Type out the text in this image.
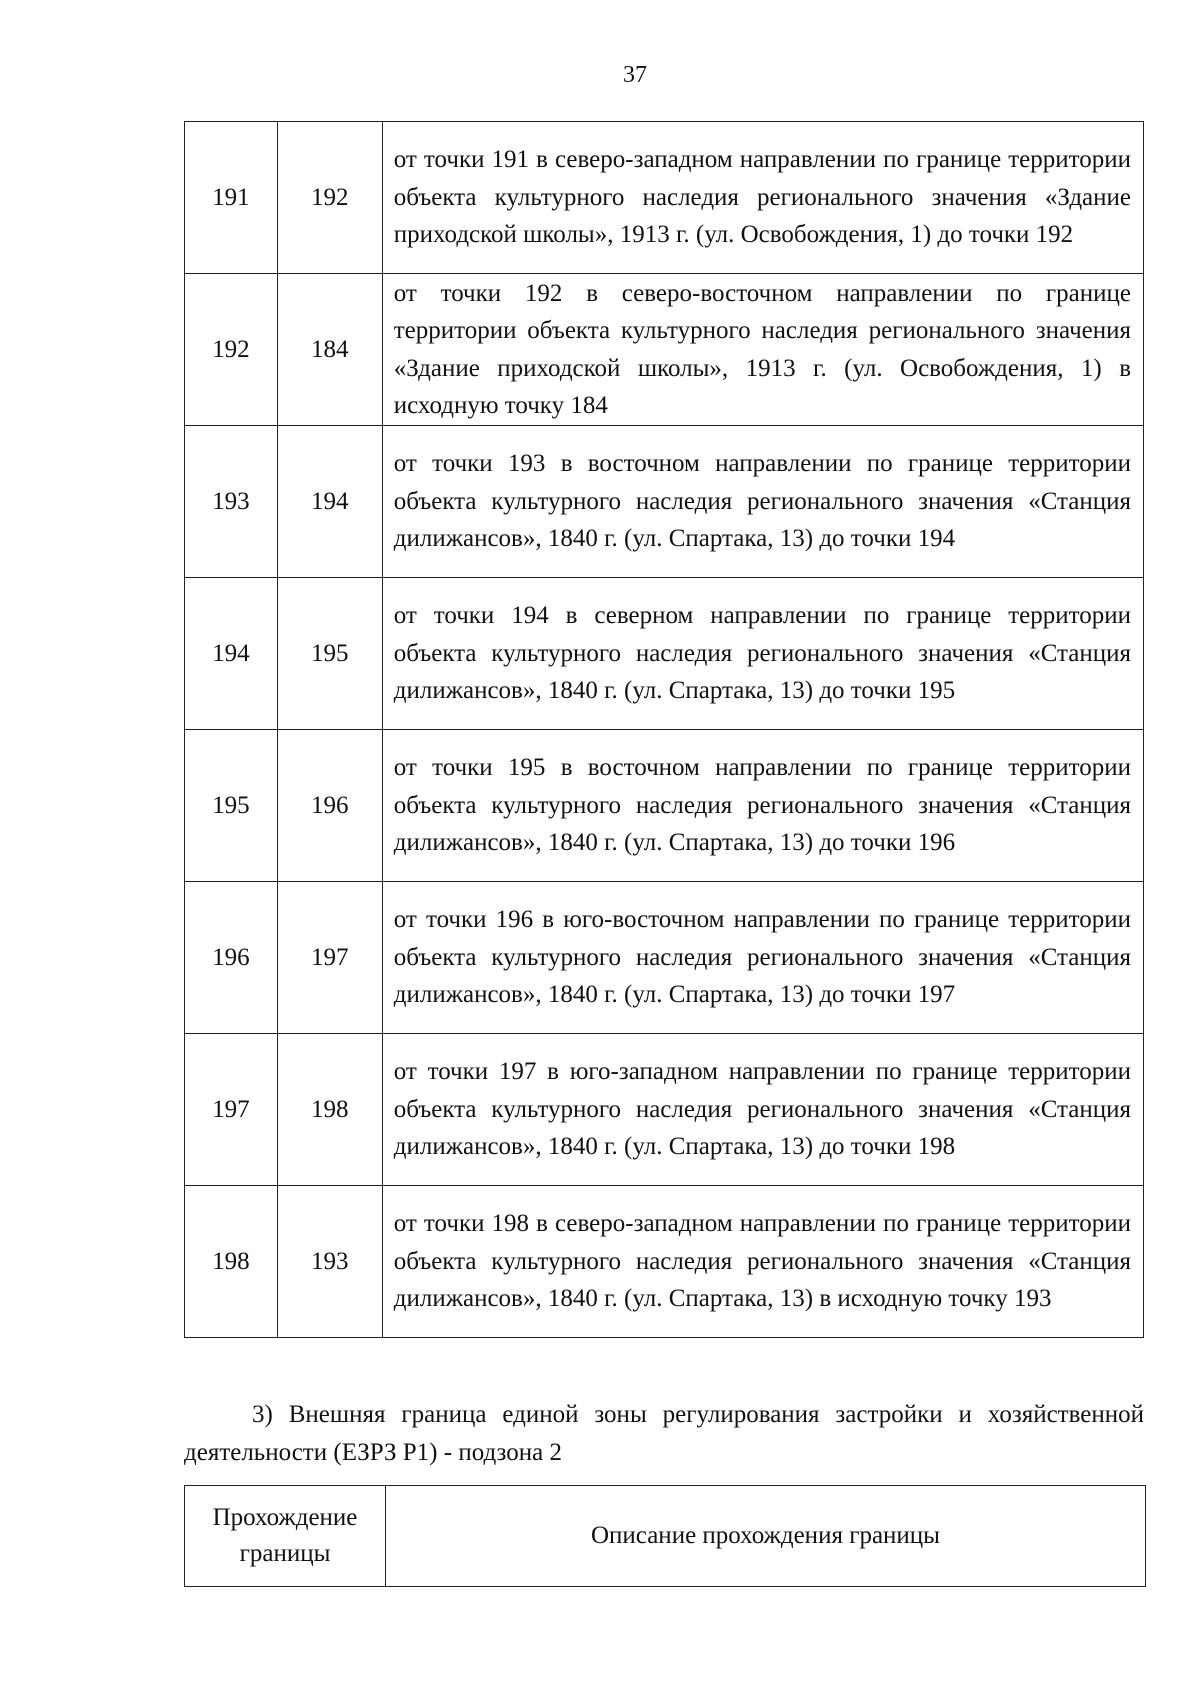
37
191	192	от точки 191 в северо-западном направлении по границе территории объекта культурного наследия регионального значения «Здание приходской школы», 1913 г. (ул. Освобождения, 1) до точки 192
192	184	от точки 192 в северо-восточном направлении по границе территории объекта культурного наследия регионального значения «Здание приходской школы», 1913 г. (ул. Освобождения, 1) в исходную точку 184
193	194	от точки 193 в восточном направлении по границе территории объекта культурного наследия регионального значения «Станция дилижансов», 1840 г. (ул. Спартака, 13) до точки 194
194	195	от точки 194 в северном направлении по границе территории объекта культурного наследия регионального значения «Станция дилижансов», 1840 г. (ул. Спартака, 13) до точки 195
195	196	от точки 195 в восточном направлении по границе территории объекта культурного наследия регионального значения «Станция дилижансов», 1840 г. (ул. Спартака, 13) до точки 196
196	197	от точки 196 в юго-восточном направлении по границе территории объекта культурного наследия регионального значения «Станция дилижансов», 1840 г. (ул. Спартака, 13) до точки 197
197	198	от точки 197 в юго-западном направлении по границе территории объекта культурного наследия регионального значения «Станция дилижансов», 1840 г. (ул. Спартака, 13) до точки 198
198	193	от точки 198 в северо-западном направлении по границе территории объекта культурного наследия регионального значения «Станция дилижансов», 1840 г. (ул. Спартака, 13) в исходную точку 193

3) Внешняя граница единой зоны регулирования застройки и хозяйственной деятельности (ЕЗРЗ Р1) - подзона 2

Прохождение границы	Описание прохождения границы
